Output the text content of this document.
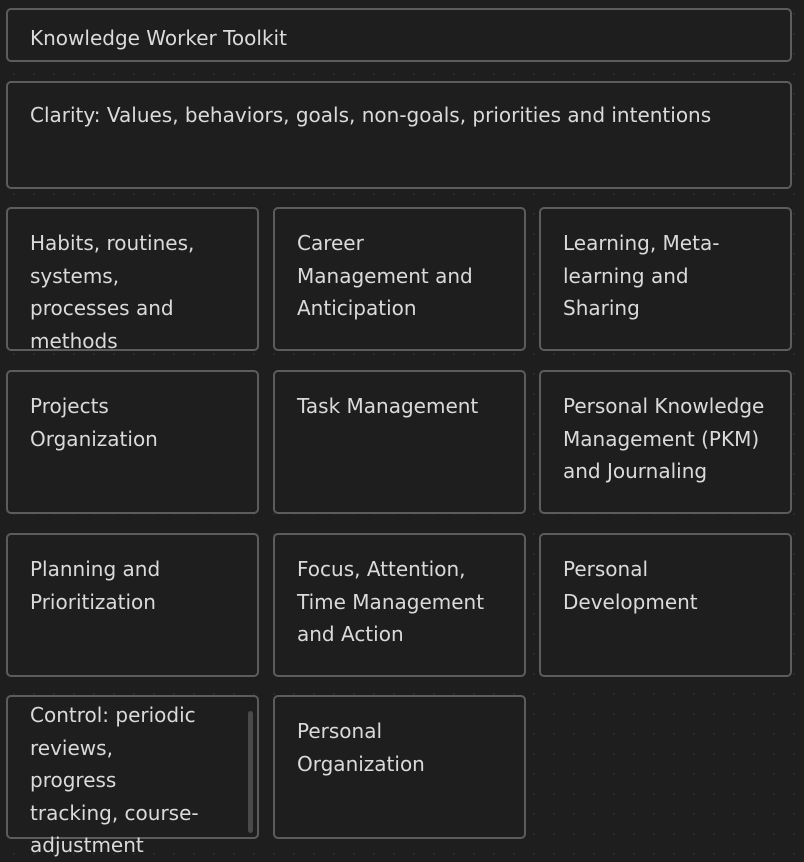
Knowledge Worker Toolkit
Clarity: Values, behaviors, goals, non-goals, priorities and intentions
Habits, routines, systems, processes and methods
Career Management and Anticipation
Learning, Meta-learning and Sharing
Projects Organization
Task Management	Personal Knowledge Management (PKM) and Journaling
Planning and Prioritization
Focus, Attention, Time Management and Action
Personal Development
Control: periodic reviews, progress tracking, course-adjustment
Personal Organization
